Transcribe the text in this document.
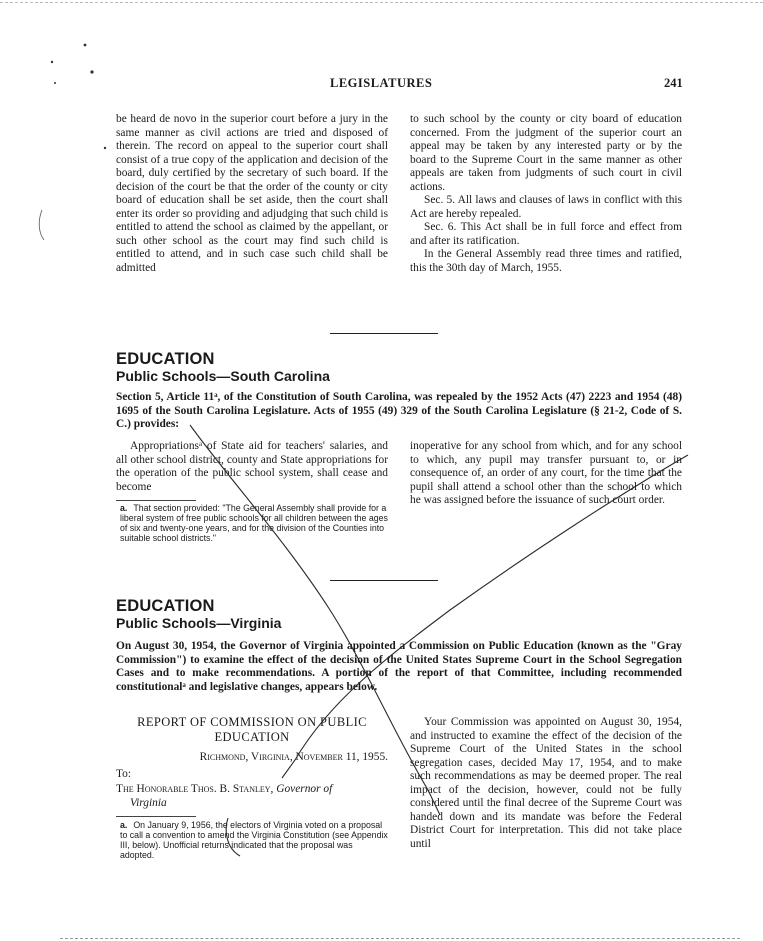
LEGISLATURES	241

be heard de novo in the superior court before a jury in the same manner as civil actions are tried and disposed of therein. The record on appeal to the superior court shall consist of a true copy of the application and decision of the board, duly certified by the secretary of such board. If the decision of the court be that the order of the county or city board of education shall be set aside, then the court shall enter its order so providing and adjudging that such child is entitled to attend the school as claimed by the appellant, or such other school as the court may find such child is entitled to attend, and in such case such child shall be admitted

to such school by the county or city board of education concerned. From the judgment of the superior court an appeal may be taken by any interested party or by the board to the Supreme Court in the same manner as other appeals are taken from judgments of such court in civil actions.

Sec. 5. All laws and clauses of laws in conflict with this Act are hereby repealed.

Sec. 6. This Act shall be in full force and effect from and after its ratification.

In the General Assembly read three times and ratified, this the 30th day of March, 1955.

EDUCATION
Public Schools—South Carolina
Section 5, Article 11ᵃ, of the Constitution of South Carolina, was repealed by the 1952 Acts (47) 2223 and 1954 (48) 1695 of the South Carolina Legislature. Acts of 1955 (49) 329 of the South Carolina Legislature (§ 21-2, Code of S. C.) provides:

Appropriationsᵃ of State aid for teachers' salaries, and all other school district, county and State appropriations for the operation of the public school system, shall cease and become

inoperative for any school from which, and for any school to which, any pupil may transfer pursuant to, or in consequence of, an order of any court, for the time that the pupil shall attend a school other than the school to which he was assigned before the issuance of such court order.

a. That section provided: "The General Assembly shall provide for a liberal system of free public schools for all children between the ages of six and twenty-one years, and for the division of the Counties into suitable school districts."
EDUCATION
Public Schools—Virginia
On August 30, 1954, the Governor of Virginia appointed a Commission on Public Education (known as the "Gray Commission") to examine the effect of the decision of the United States Supreme Court in the School Segregation Cases and to make recommendations. A portion of the report of that Committee, including recommended constitutionalᵃ and legislative changes, appears below.
REPORT OF COMMISSION ON PUBLIC EDUCATION
Richmond, Virginia, November 11, 1955.
To:
The Honorable Thos. B. Stanley, Governor of
Virginia

Your Commission was appointed on August 30, 1954, and instructed to examine the effect of the decision of the Supreme Court of the United States in the school segregation cases, decided May 17, 1954, and to make such recommendations as may be deemed proper. The real impact of the decision, however, could not be fully considered until the final decree of the Supreme Court was handed down and its mandate was before the Federal District Court for interpretation. This did not take place until

a. On January 9, 1956, the electors of Virginia voted on a proposal to call a convention to amend the Virginia Constitution (see Appendix III, below). Unofficial returns indicated that the proposal was adopted.
